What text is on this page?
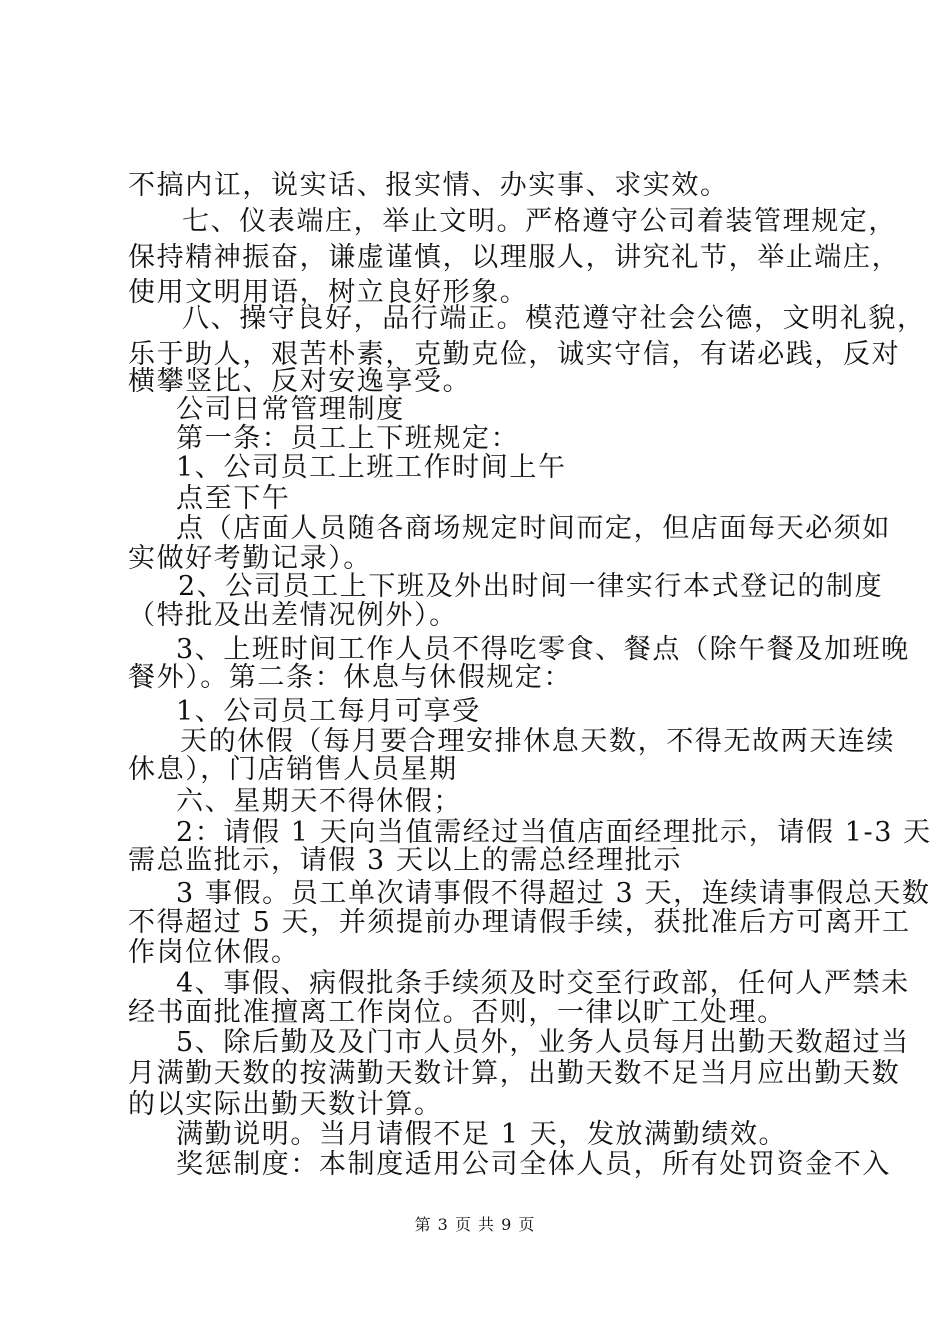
不搞内讧，说实话、报实情、办实事、求实效。
七、仪表端庄，举止文明。严格遵守公司着装管理规定，
保持精神振奋，谦虚谨慎，以理服人，讲究礼节，举止端庄，
使用文明用语，树立良好形象。
八、操守良好，品行端正。模范遵守社会公德，文明礼貌，
乐于助人，艰苦朴素，克勤克俭，诚实守信，有诺必践，反对
横攀竖比、反对安逸享受。
公司日常管理制度
第一条：员工上下班规定：
1、公司员工上班工作时间上午
点至下午
点（店面人员随各商场规定时间而定，但店面每天必须如
实做好考勤记录）。
2、公司员工上下班及外出时间一律实行本式登记的制度
（特批及出差情况例外）。
3、上班时间工作人员不得吃零食、餐点（除午餐及加班晚
餐外）。第二条：休息与休假规定：
1、公司员工每月可享受
天的休假（每月要合理安排休息天数，不得无故两天连续
休息），门店销售人员星期
六、星期天不得休假；
2：请假 1 天向当值需经过当值店面经理批示，请假 1-3 天
需总监批示，请假 3 天以上的需总经理批示
3 事假。员工单次请事假不得超过 3 天，连续请事假总天数
不得超过 5 天，并须提前办理请假手续，获批准后方可离开工
作岗位休假。
4、事假、病假批条手续须及时交至行政部，任何人严禁未
经书面批准擅离工作岗位。否则，一律以旷工处理。
5、除后勤及及门市人员外，业务人员每月出勤天数超过当
月满勤天数的按满勤天数计算，出勤天数不足当月应出勤天数
的以实际出勤天数计算。
满勤说明。当月请假不足 1 天，发放满勤绩效。
奖惩制度：本制度适用公司全体人员，所有处罚资金不入
第 3 页 共 9 页
